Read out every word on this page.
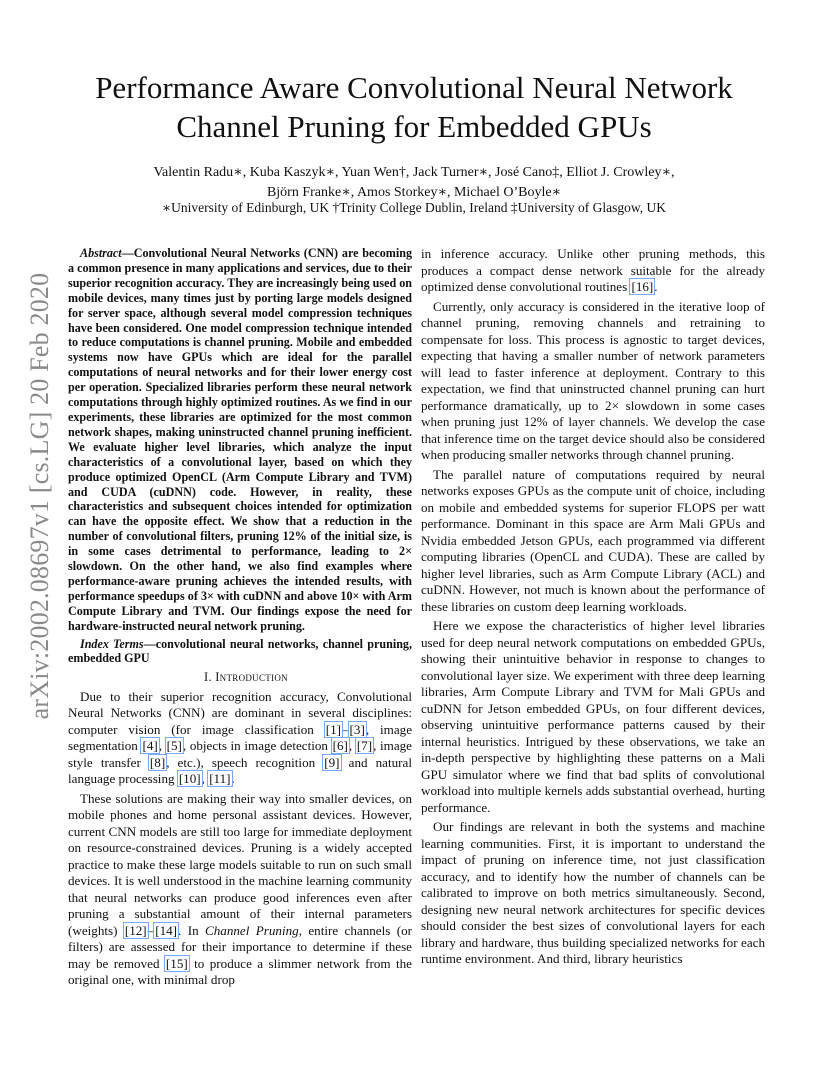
arXiv:2002.08697v1 [cs.LG] 20 Feb 2020
Performance Aware Convolutional Neural Network
Channel Pruning for Embedded GPUs
Valentin Radu∗, Kuba Kaszyk∗, Yuan Wen†, Jack Turner∗, José Cano‡, Elliot J. Crowley∗,
Björn Franke∗, Amos Storkey∗, Michael O’Boyle∗
∗University of Edinburgh, UK †Trinity College Dublin, Ireland ‡University of Glasgow, UK

Abstract—Convolutional Neural Networks (CNN) are becoming a common presence in many applications and services, due to their superior recognition accuracy. They are increasingly being used on mobile devices, many times just by porting large models designed for server space, although several model compression techniques have been considered. One model compression technique intended to reduce computations is channel pruning. Mobile and embedded systems now have GPUs which are ideal for the parallel computations of neural networks and for their lower energy cost per operation. Specialized libraries perform these neural network computations through highly optimized routines. As we find in our experiments, these libraries are optimized for the most common network shapes, making uninstructed channel pruning inefficient. We evaluate higher level libraries, which analyze the input characteristics of a convolutional layer, based on which they produce optimized OpenCL (Arm Compute Library and TVM) and CUDA (cuDNN) code. However, in reality, these characteristics and subsequent choices intended for optimization can have the opposite effect. We show that a reduction in the number of convolutional filters, pruning 12% of the initial size, is in some cases detrimental to performance, leading to 2× slowdown. On the other hand, we also find examples where performance-aware pruning achieves the intended results, with performance speedups of 3× with cuDNN and above 10× with Arm Compute Library and TVM. Our findings expose the need for hardware-instructed neural network pruning.

Index Terms—convolutional neural networks, channel pruning, embedded GPU

I. Introduction

Due to their superior recognition accuracy, Convolutional Neural Networks (CNN) are dominant in several disciplines: computer vision (for image classification [1]–[3], image segmentation [4], [5], objects in image detection [6], [7], image style transfer [8], etc.), speech recognition [9] and natural language processing [10], [11].

These solutions are making their way into smaller devices, on mobile phones and home personal assistant devices. However, current CNN models are still too large for immediate deployment on resource-constrained devices. Pruning is a widely accepted practice to make these large models suitable to run on such small devices. It is well understood in the machine learning community that neural networks can produce good inferences even after pruning a substantial amount of their internal parameters (weights) [12]–[14]. In Channel Pruning, entire channels (or filters) are assessed for their importance to determine if these may be removed [15] to produce a slimmer network from the original one, with minimal drop

in inference accuracy. Unlike other pruning methods, this produces a compact dense network suitable for the already optimized dense convolutional routines [16].

Currently, only accuracy is considered in the iterative loop of channel pruning, removing channels and retraining to compensate for loss. This process is agnostic to target devices, expecting that having a smaller number of network parameters will lead to faster inference at deployment. Contrary to this expectation, we find that uninstructed channel pruning can hurt performance dramatically, up to 2× slowdown in some cases when pruning just 12% of layer channels. We develop the case that inference time on the target device should also be considered when producing smaller networks through channel pruning.

The parallel nature of computations required by neural networks exposes GPUs as the compute unit of choice, including on mobile and embedded systems for superior FLOPS per watt performance. Dominant in this space are Arm Mali GPUs and Nvidia embedded Jetson GPUs, each programmed via different computing libraries (OpenCL and CUDA). These are called by higher level libraries, such as Arm Compute Library (ACL) and cuDNN. However, not much is known about the performance of these libraries on custom deep learning workloads.

Here we expose the characteristics of higher level libraries used for deep neural network computations on embedded GPUs, showing their unintuitive behavior in response to changes to convolutional layer size. We experiment with three deep learning libraries, Arm Compute Library and TVM for Mali GPUs and cuDNN for Jetson embedded GPUs, on four different devices, observing unintuitive performance patterns caused by their internal heuristics. Intrigued by these observations, we take an in-depth perspective by highlighting these patterns on a Mali GPU simulator where we find that bad splits of convolutional workload into multiple kernels adds substantial overhead, hurting performance.

Our findings are relevant in both the systems and machine learning communities. First, it is important to understand the impact of pruning on inference time, not just classification accuracy, and to identify how the number of channels can be calibrated to improve on both metrics simultaneously. Second, designing new neural network architectures for specific devices should consider the best sizes of convolutional layers for each library and hardware, thus building specialized networks for each runtime environment. And third, library heuristics
